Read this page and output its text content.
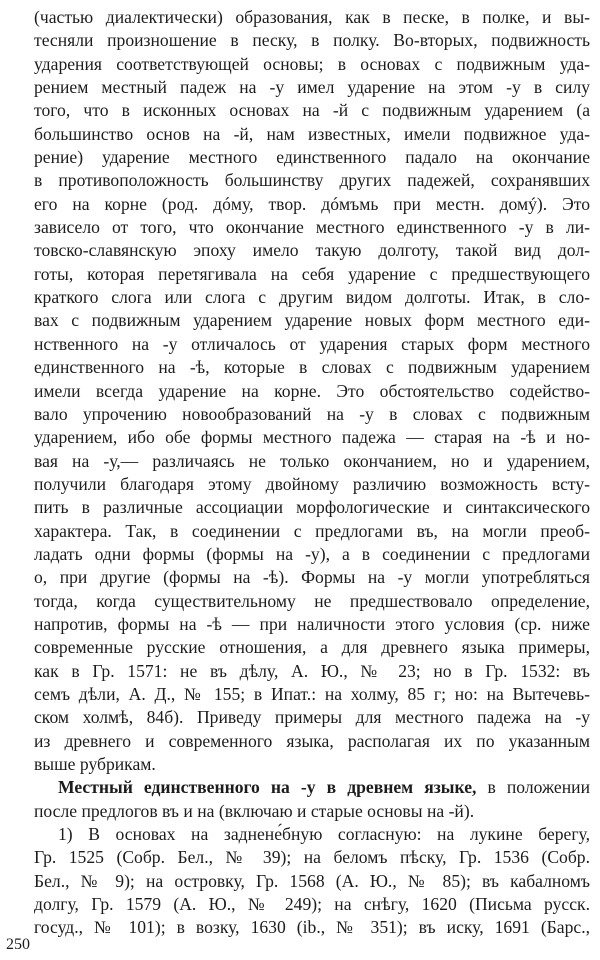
(частью диалектически) образования, как в песке, в полке, и вы-
тесняли произношение в песку, в полку. Во-вторых, подвижность
ударения соответствующей основы; в основах с подвижным уда-
рением местный падеж на -у имел ударение на этом -у в силу
того, что в исконных основах на -й с подвижным ударением (а
большинство основ на -й, нам известных, имели подвижное уда-
рение) ударение местного единственного падало на окончание
в противоположность большинству других падежей, сохранявших
его на корне (род. дóму, твор. дóмъмь при местн. домý). Это
зависело от того, что окончание местного единственного -у в ли-
товско-славянскую эпоху имело такую долготу, такой вид дол-
готы, которая перетягивала на себя ударение с предшествующего
краткого слога или слога с другим видом долготы. Итак, в сло-
вах с подвижным ударением ударение новых форм местного еди-
нственного на -у отличалось от ударения старых форм местного
единственного на -ѣ, которые в словах с подвижным ударением
имели всегда ударение на корне. Это обстоятельство содейство-
вало упрочению новообразований на -у в словах с подвижным
ударением, ибо обе формы местного падежа — старая на -ѣ и но-
вая на -у,— различаясь не только окончанием, но и ударением,
получили благодаря этому двойному различию возможность всту-
пить в различные ассоциации морфологические и синтаксического
характера. Так, в соединении с предлогами въ, на могли преоб-
ладать одни формы (формы на -у), а в соединении с предлогами
о, при другие (формы на -ѣ). Формы на -у могли употребляться
тогда, когда существительному не предшествовало определение,
напротив, формы на -ѣ — при наличности этого условия (ср. ниже
современные русские отношения, а для древнего языка примеры,
как в Гр. 1571: не въ дѣлу, А. Ю., № 23; но в Гр. 1532: въ
семъ дѣли, А. Д., № 155; в Ипат.: на холму, 85 г; но: на Вытечевь-
ском холмѣ, 84б). Приведу примеры для местного падежа на -у
из древнего и современного языка, располагая их по указанным
выше рубрикам.
Местный единственного на -у в древнем языке, в положении
после предлогов въ и на (включаю и старые основы на -й).
1) В основах на заднене́бную согласную: на лукине берегу,
Гр. 1525 (Собр. Бел., № 39); на беломъ пѣску, Гр. 1536 (Собр.
Бел., № 9); на островку, Гр. 1568 (А. Ю., № 85); въ кабалномъ
долгу, Гр. 1579 (А. Ю., № 249); на снѣгу, 1620 (Письма русск.
госуд., № 101); в возку, 1630 (ib., № 351); въ иску, 1691 (Барс.,
250
